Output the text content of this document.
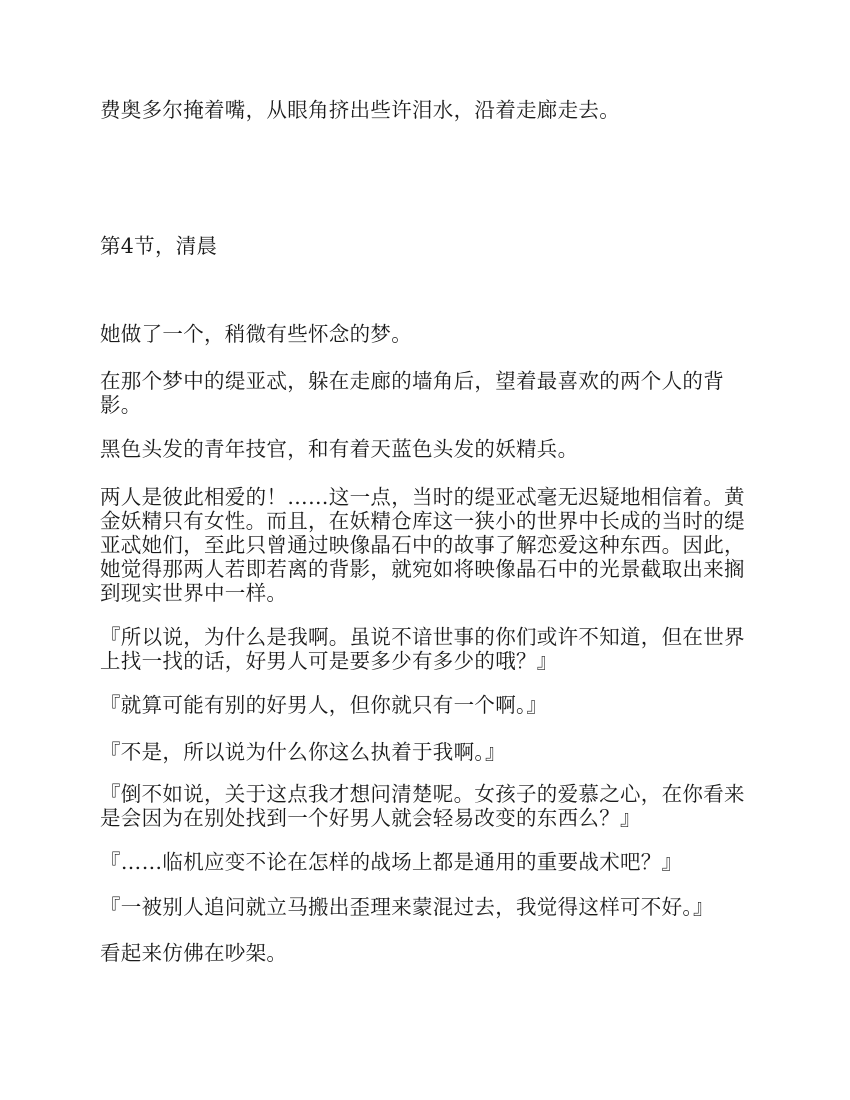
费奥多尔掩着嘴，从眼角挤出些许泪水，沿着走廊走去。

第4节，清晨

她做了一个，稍微有些怀念的梦。

在那个梦中的缇亚忒，躲在走廊的墙角后，望着最喜欢的两个人的背影。

黑色头发的青年技官，和有着天蓝色头发的妖精兵。

两人是彼此相爱的！……这一点，当时的缇亚忒毫无迟疑地相信着。黄金妖精只有女性。而且，在妖精仓库这一狭小的世界中长成的当时的缇亚忒她们，至此只曾通过映像晶石中的故事了解恋爱这种东西。因此，她觉得那两人若即若离的背影，就宛如将映像晶石中的光景截取出来搁到现实世界中一样。

『所以说，为什么是我啊。虽说不谙世事的你们或许不知道，但在世界上找一找的话，好男人可是要多少有多少的哦？』

『就算可能有别的好男人，但你就只有一个啊。』

『不是，所以说为什么你这么执着于我啊。』

『倒不如说，关于这点我才想问清楚呢。女孩子的爱慕之心，在你看来是会因为在别处找到一个好男人就会轻易改变的东西么？』

『……临机应变不论在怎样的战场上都是通用的重要战术吧？』

『一被别人追问就立马搬出歪理来蒙混过去，我觉得这样可不好。』

看起来仿佛在吵架。
